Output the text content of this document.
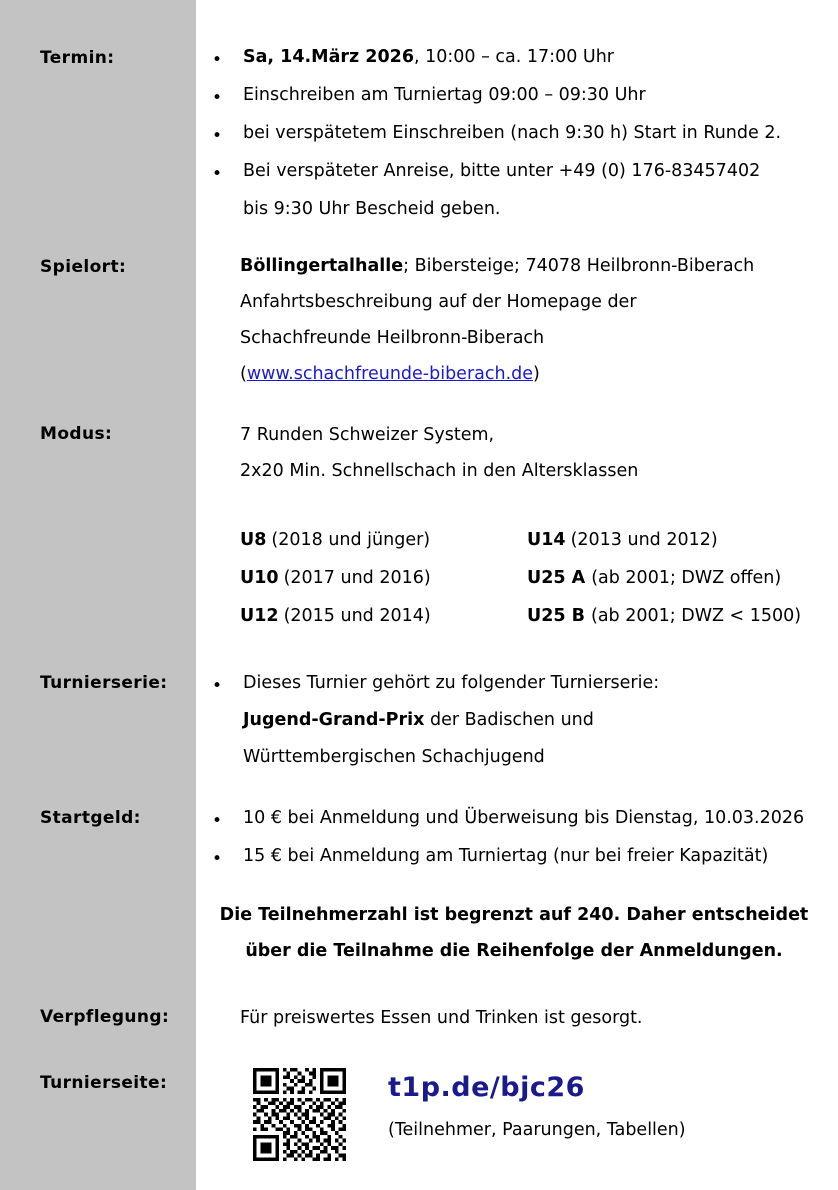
Termin:
Spielort:
Modus:
Turnierserie:
Startgeld:
Verpflegung:
Turnierseite:
• Sa, 14.März 2026, 10:00 – ca. 17:00 Uhr
• Einschreiben am Turniertag 09:00 – 09:30 Uhr
• bei verspätetem Einschreiben (nach 9:30 h) Start in Runde 2.
• Bei verspäteter Anreise, bitte unter +49 (0) 176-83457402
bis 9:30 Uhr Bescheid geben.
Böllingertalhalle; Bibersteige; 74078 Heilbronn-Biberach
Anfahrtsbeschreibung auf der Homepage der
Schachfreunde Heilbronn-Biberach
(www.schachfreunde-biberach.de)
7 Runden Schweizer System,
2x20 Min. Schnellschach in den Altersklassen
U8 (2018 und jünger)
U10 (2017 und 2016)
U12 (2015 und 2014)
U14 (2013 und 2012)
U25 A (ab 2001; DWZ offen)
U25 B (ab 2001; DWZ < 1500)
• Dieses Turnier gehört zu folgender Turnierserie:
Jugend-Grand-Prix der Badischen und
Württembergischen Schachjugend
• 10 € bei Anmeldung und Überweisung bis Dienstag, 10.03.2026
• 15 € bei Anmeldung am Turniertag (nur bei freier Kapazität)
Die Teilnehmerzahl ist begrenzt auf 240. Daher entscheidet
über die Teilnahme die Reihenfolge der Anmeldungen.
Für preiswertes Essen und Trinken ist gesorgt.
t1p.de/bjc26
(Teilnehmer, Paarungen, Tabellen)
